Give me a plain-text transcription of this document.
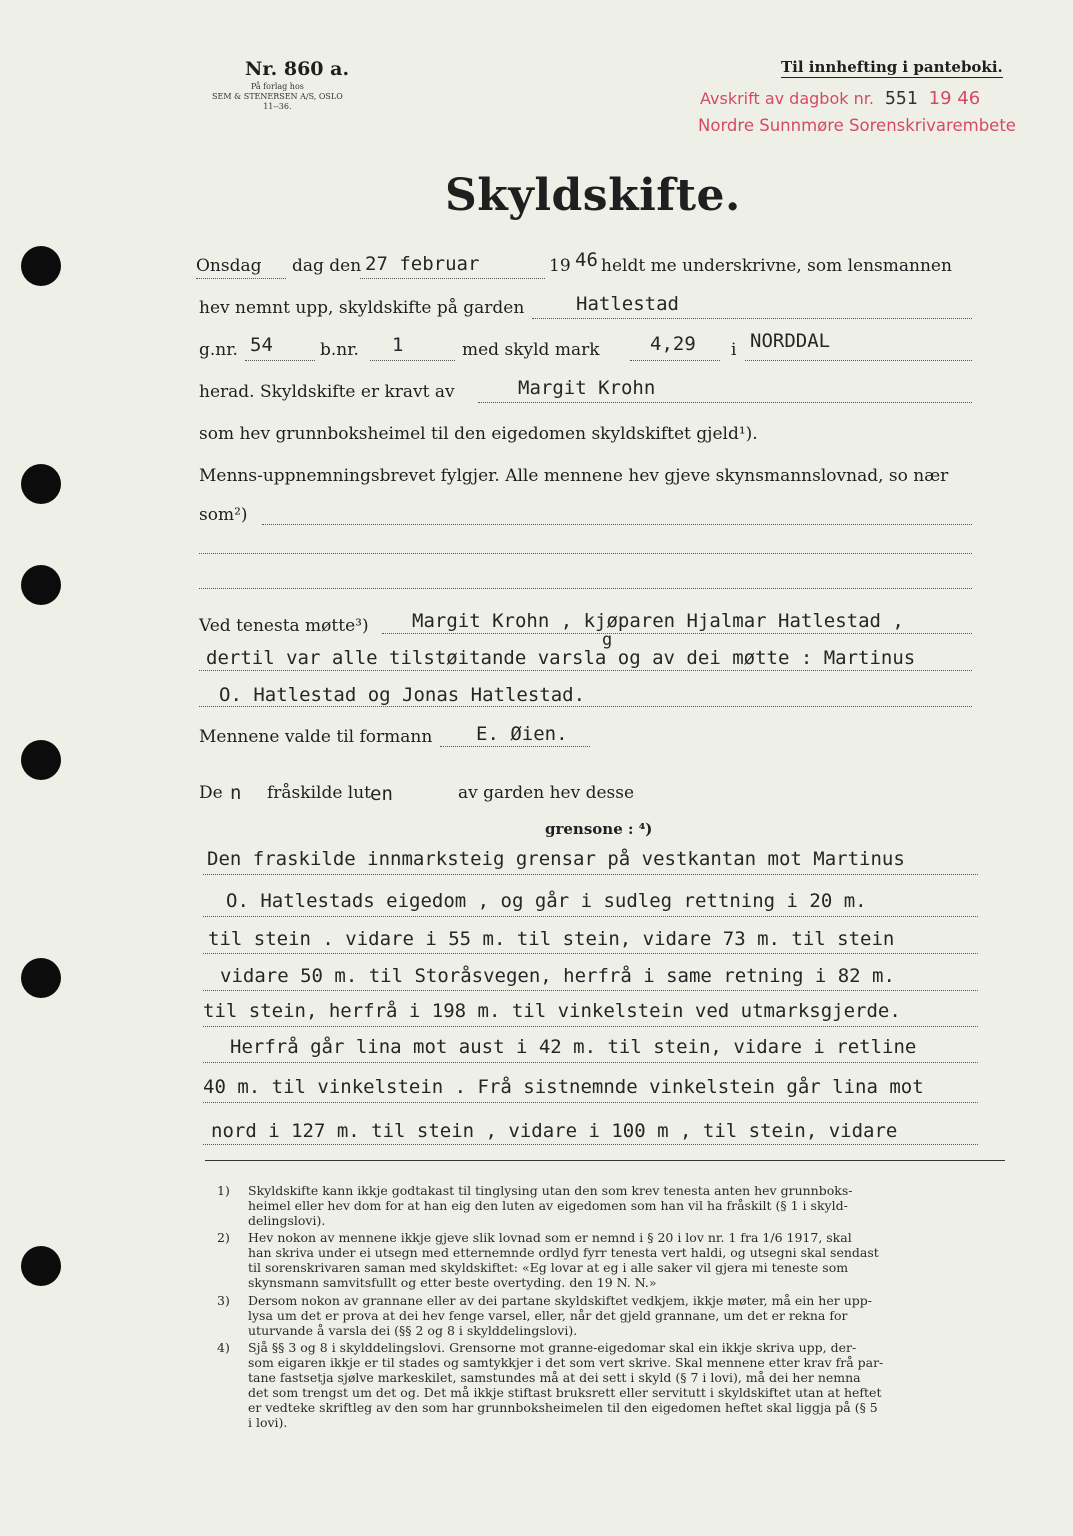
Nr. 860 a.
På forlag hos
SEM & STENERSEN A/S, OSLO
11--36.
Til innhefting i panteboki.
Avskrift av dagbok nr. 551 19 46
Nordre Sunnmøre Sorenskrivarembete
Skyldskifte.
Onsdag dag den 27 februar	19 46 heldt me underskrivne, som lensmannen
hev nemnt upp, skyldskifte på garden	Hatlestad
g.nr. 54	b.nr. 1	med skyld mark	4,29 i NORDDAL
herad. Skyldskifte er kravt av	Margit Krohn
som hev grunnboksheimel til den eigedomen skyldskiftet gjeld¹).
Menns-uppnemningsbrevet fylgjer. Alle mennene hev gjeve skynsmannslovnad, so nær
som²)
Ved tenesta møtte³) Margit Krohn , kjøparen Hjalmar Hatlestad ,
g
dertil var alle tilstøitande varsla og av dei møtte : Martinus
O. Hatlestad og Jonas Hatlestad.
Mennene valde til formann E. Øien.
De n fråskilde lut
en	av garden hev desse
grensone : ⁴)
Den fraskilde innmarksteig grensar på vestkantan mot Martinus
O. Hatlestads eigedom , og går i sudleg rettning i 20 m.
til stein . vidare i 55 m. til stein, vidare 73 m. til stein
vidare 50 m. til Storåsvegen, herfrå i same retning i 82 m.
til stein, herfrå i 198 m. til vinkelstein ved utmarksgjerde.
Herfrå går lina mot aust i 42 m. til stein, vidare i retline
40 m. til vinkelstein . Frå sistnemnde vinkelstein går lina mot
nord i 127 m. til stein , vidare i 100 m , til stein, vidare
1) Skyldskifte kann ikkje godtakast til tinglysing utan den som krev tenesta anten hev grunnboks-
heimel eller hev dom for at han eig den luten av eigedomen som han vil ha fråskilt (§ 1 i skyld-
delingslovi).
2) Hev nokon av mennene ikkje gjeve slik lovnad som er nemnd i § 20 i lov nr. 1 fra 1/6 1917, skal
han skriva under ei utsegn med etternemnde ordlyd fyrr tenesta vert haldi, og utsegni skal sendast
til sorenskrivaren saman med skyldskiftet: «Eg lovar at eg i alle saker vil gjera mi teneste som
skynsmann samvitsfullt og etter beste overtyding. den 19 N. N.»
3) Dersom nokon av grannane eller av dei partane skyldskiftet vedkjem, ikkje møter, må ein her upp-
lysa um det er prova at dei hev fenge varsel, eller, når det gjeld grannane, um det er rekna for
uturvande å varsla dei (§§ 2 og 8 i skylddelingslovi).
4) Sjå §§ 3 og 8 i skylddelingslovi. Grensorne mot granne-eigedomar skal ein ikkje skriva upp, der-
som eigaren ikkje er til stades og samtykkjer i det som vert skrive. Skal mennene etter krav frå par-
tane fastsetja sjølve markeskilet, samstundes må at dei sett i skyld (§ 7 i lovi), må dei her nemna
det som trengst um det og. Det må ikkje stiftast bruksrett eller servitutt i skyldskiftet utan at heftet
er vedteke skriftleg av den som har grunnboksheimelen til den eigedomen heftet skal liggja på (§ 5
i lovi).
